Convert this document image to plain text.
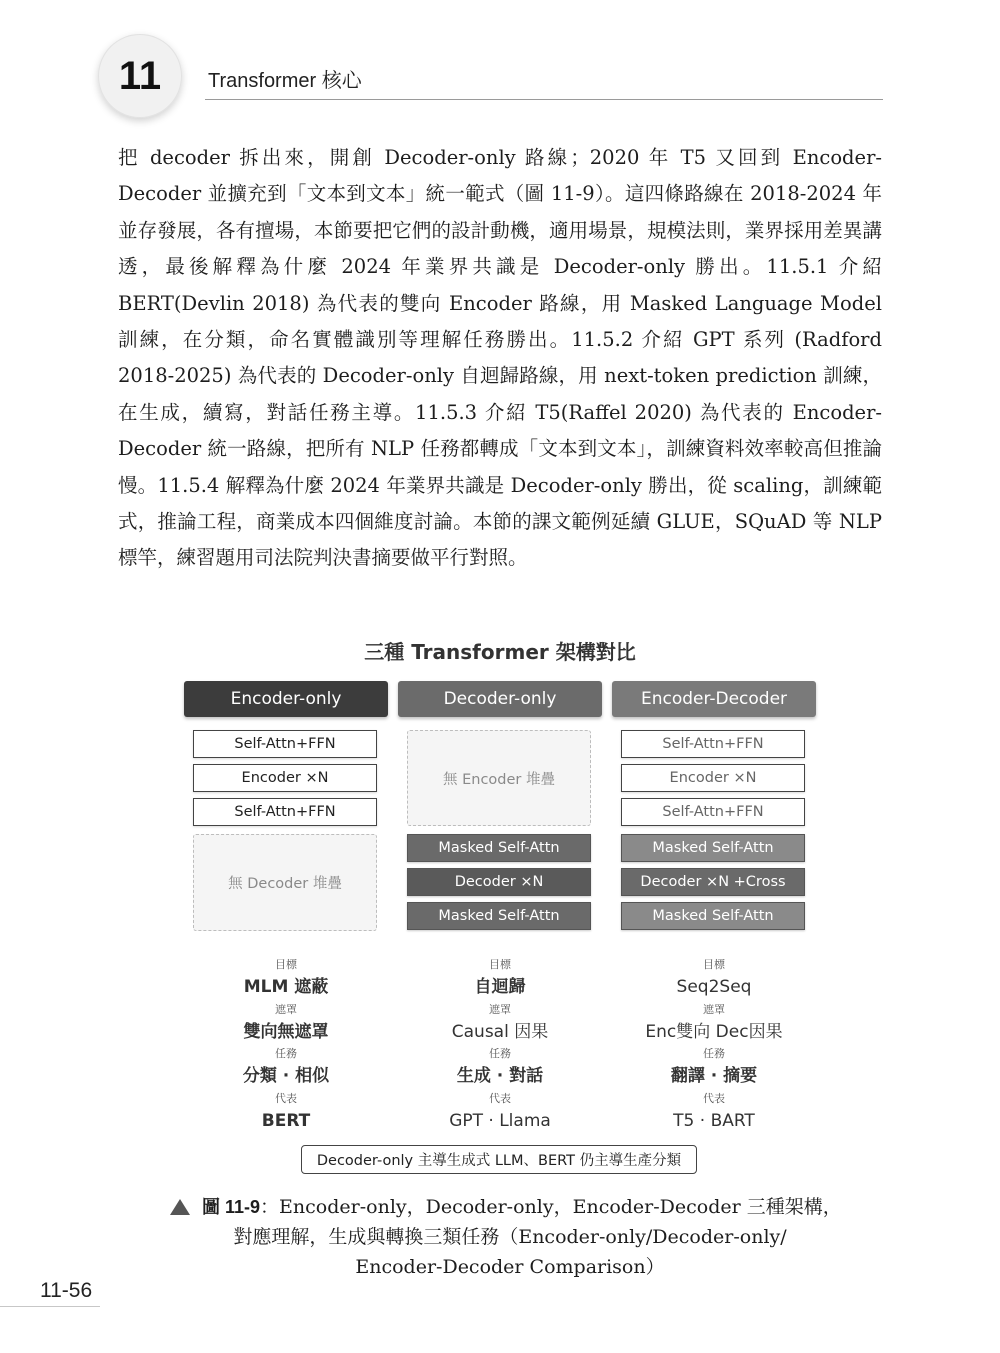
11 Transformer 核心

把 decoder 拆出來，開創 Decoder-only 路線；2020 年 T5 又回到 Encoder-Decoder 並擴充到「文本到文本」統一範式（圖 11-9）。這四條路線在 2018-2024 年並存發展，各有擅場，本節要把它們的設計動機，適用場景，規模法則，業界採用差異講透，最後解釋為什麼 2024 年業界共識是 Decoder-only 勝出。11.5.1 介紹 BERT(Devlin 2018) 為代表的雙向 Encoder 路線，用 Masked Language Model 訓練，在分類，命名實體識別等理解任務勝出。11.5.2 介紹 GPT 系列 (Radford 2018-2025) 為代表的 Decoder-only 自迴歸路線，用 next-token prediction 訓練，在生成，續寫，對話任務主導。11.5.3 介紹 T5(Raffel 2020) 為代表的 Encoder-Decoder 統一路線，把所有 NLP 任務都轉成「文本到文本」，訓練資料效率較高但推論慢。11.5.4 解釋為什麼 2024 年業界共識是 Decoder-only 勝出，從 scaling，訓練範式，推論工程，商業成本四個維度討論。本節的課文範例延續 GLUE，SQuAD 等 NLP 標竿，練習題用司法院判決書摘要做平行對照。

三種 Transformer 架構對比
Encoder-only
Self-Attn+FFN
Encoder ×N
Self-Attn+FFN
無 Decoder 堆疊
目標
MLM 遮蔽
遮罩
雙向無遮罩
任務
分類 · 相似
代表
BERT
Decoder-only
無 Encoder 堆疊
Masked Self-Attn
Decoder ×N
Masked Self-Attn
目標
自迴歸
遮罩
Causal 因果
任務
生成 · 對話
代表
GPT · Llama
Encoder-Decoder
Self-Attn+FFN
Encoder ×N
Self-Attn+FFN
Masked Self-Attn
Decoder ×N +Cross
Masked Self-Attn
目標
Seq2Seq
遮罩
Enc雙向 Dec因果
任務
翻譯 · 摘要
代表
T5 · BART
Decoder-only 主導生成式 LLM、BERT 仍主導生產分類
圖 11-9：Encoder-only，Decoder-only，Encoder-Decoder 三種架構，
對應理解，生成與轉換三類任務（Encoder-only/Decoder-only/
Encoder-Decoder Comparison）
11-56
